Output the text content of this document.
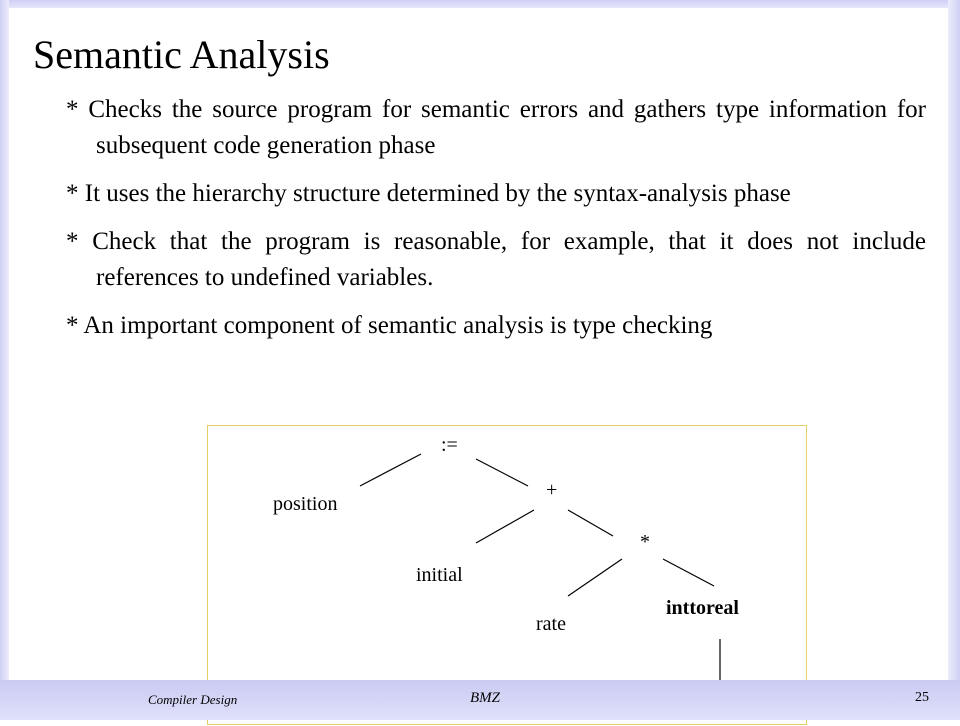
Semantic Analysis

* Checks the source program for semantic errors and gathers type information for subsequent code generation phase

* It uses the hierarchy structure determined by the syntax-analysis phase

* Check that the program is reasonable, for example, that it does not include references to undefined variables.

* An important component of semantic analysis is type checking

:=
position
+
initial
*
rate
inttoreal
Compiler Design	BMZ	25
